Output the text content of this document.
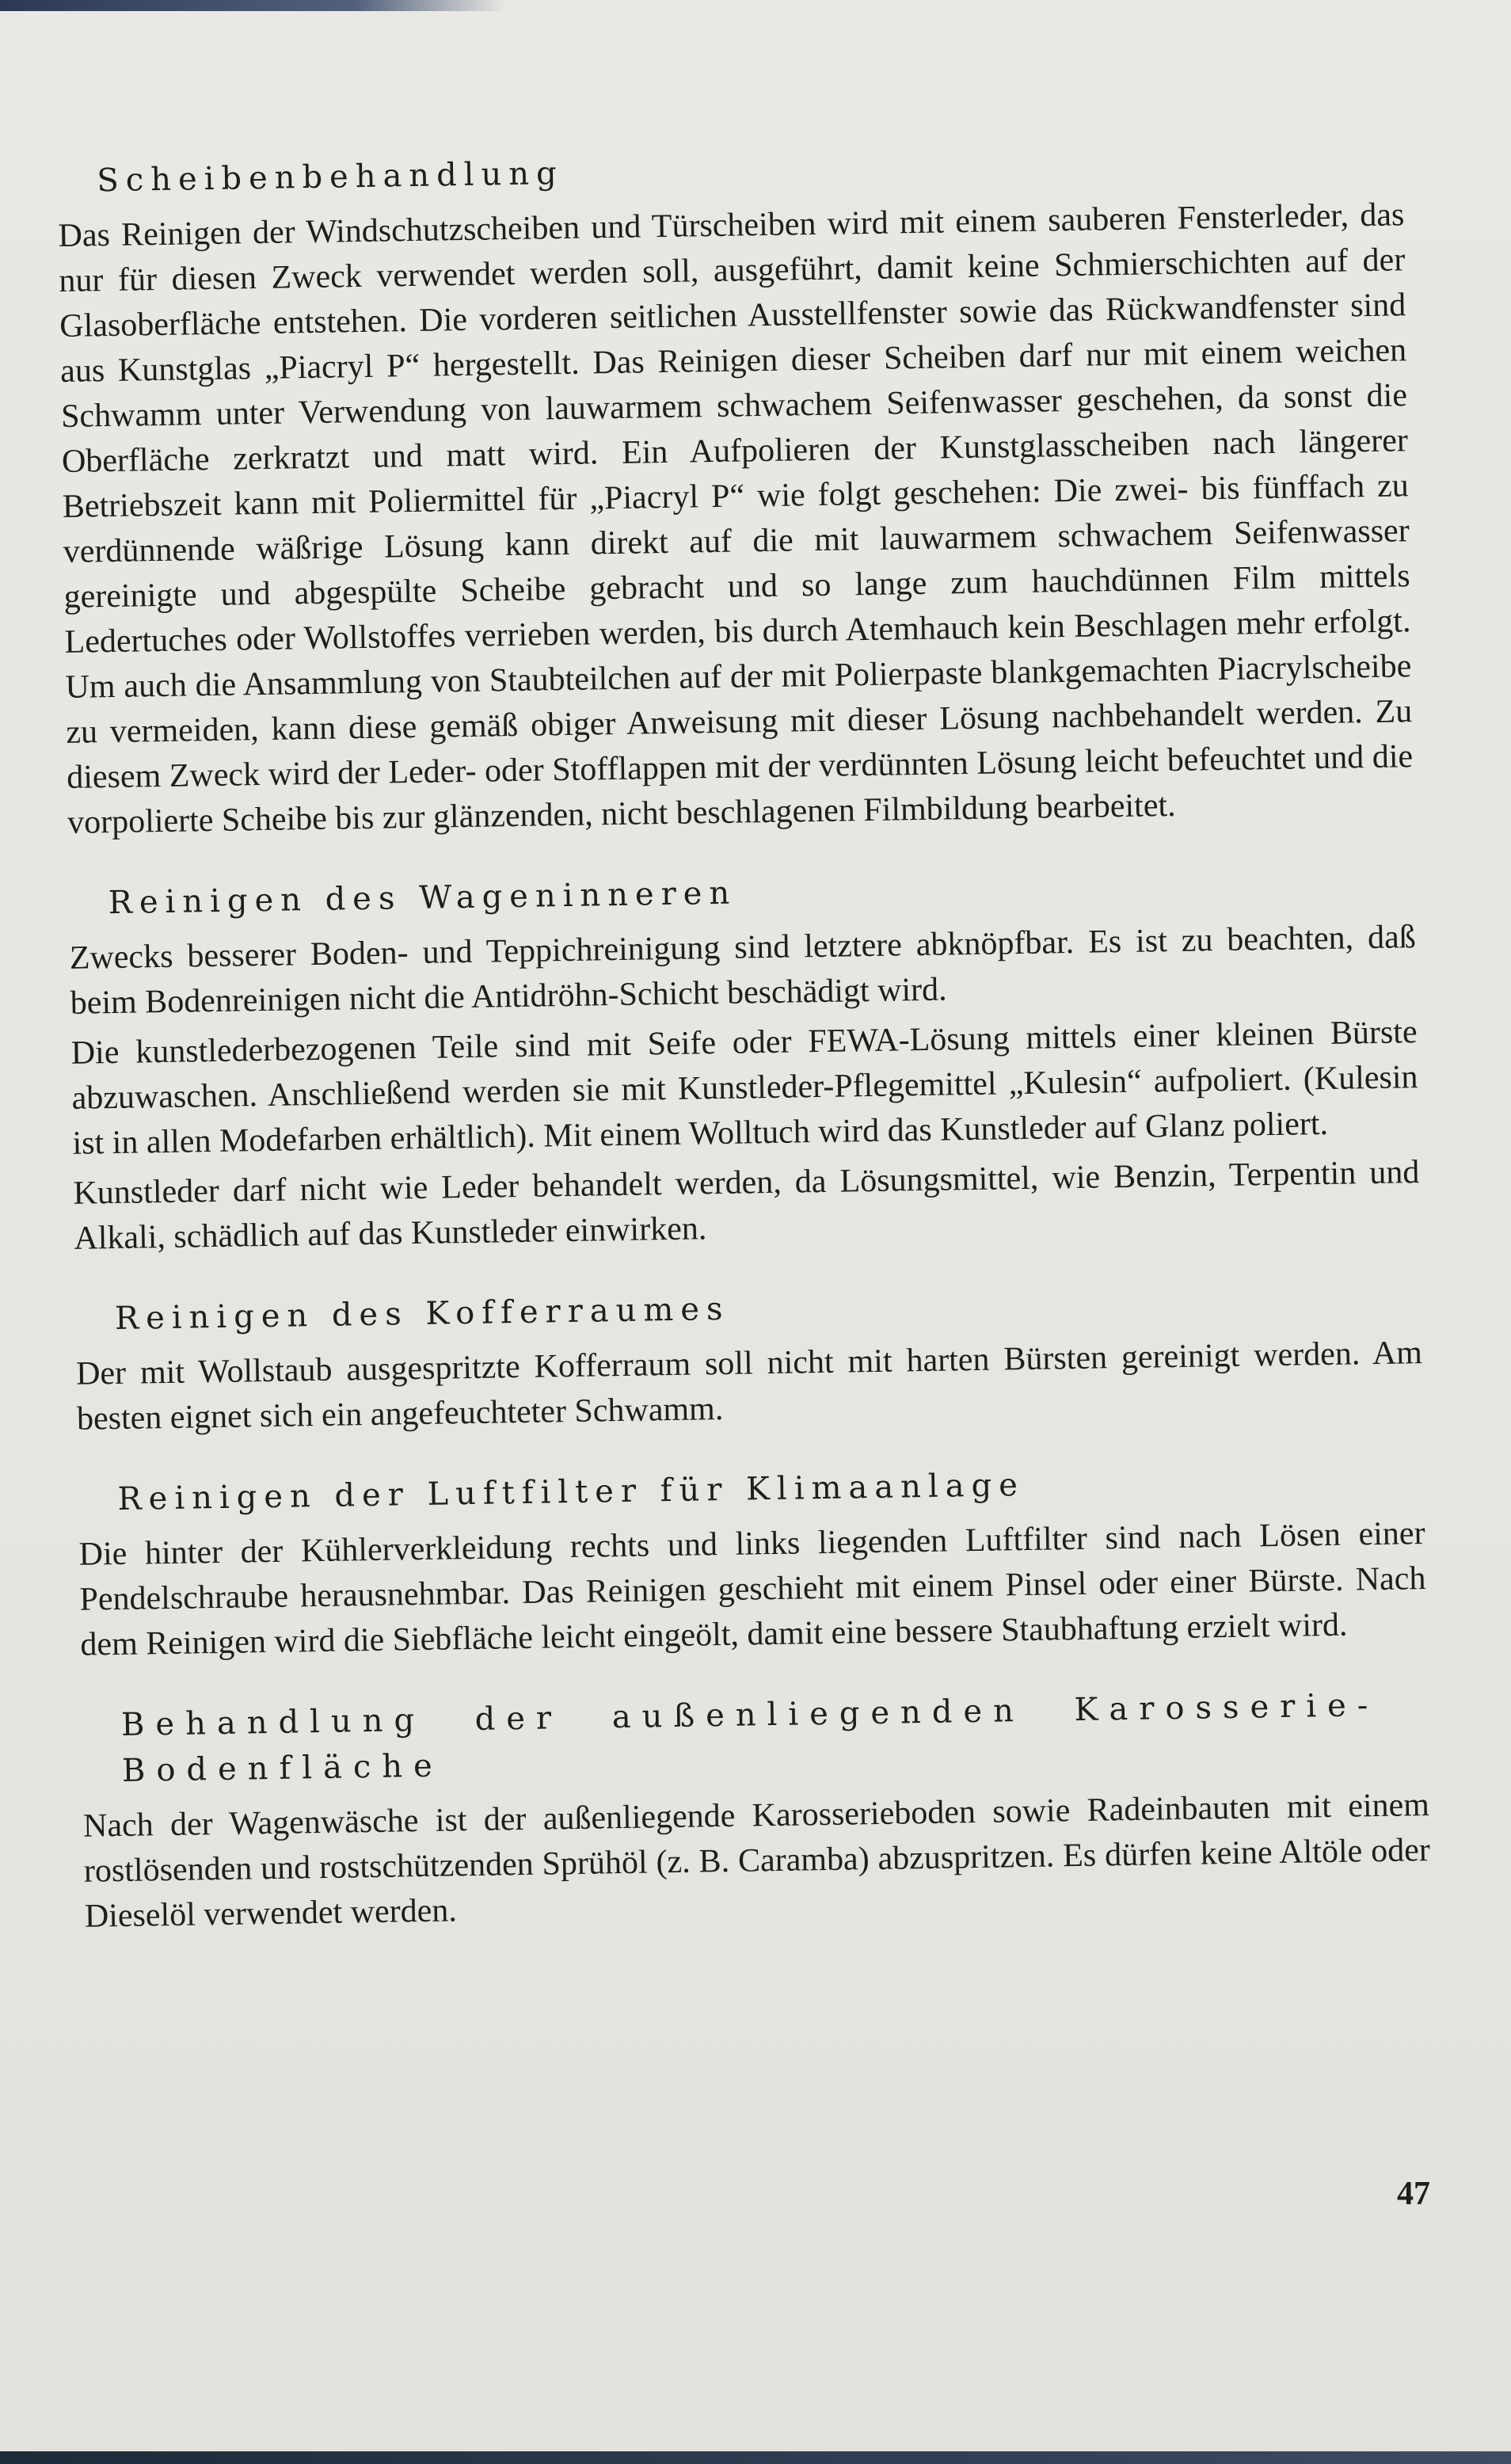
Scheibenbehandlung

Das Reinigen der Windschutzscheiben und Türscheiben wird mit einem sauberen Fensterleder, das nur für diesen Zweck verwendet werden soll, ausgeführt, damit keine Schmierschichten auf der Glasoberfläche entstehen. Die vorderen seitlichen Ausstellfenster sowie das Rückwandfenster sind aus Kunstglas „Piacryl P“ hergestellt. Das Reinigen dieser Scheiben darf nur mit einem weichen Schwamm unter Verwendung von lauwarmem schwachem Seifenwasser geschehen, da sonst die Oberfläche zerkratzt und matt wird. Ein Aufpolieren der Kunstglasscheiben nach längerer Betriebszeit kann mit Poliermittel für „Piacryl P“ wie folgt geschehen: Die zwei- bis fünffach zu verdünnende wäßrige Lösung kann direkt auf die mit lauwarmem schwachem Seifenwasser gereinigte und abgespülte Scheibe gebracht und so lange zum hauchdünnen Film mittels Ledertuches oder Wollstoffes verrieben werden, bis durch Atemhauch kein Beschlagen mehr erfolgt. Um auch die Ansammlung von Staubteilchen auf der mit Polierpaste blankgemachten Piacrylscheibe zu vermeiden, kann diese gemäß obiger Anweisung mit dieser Lösung nachbehandelt werden. Zu diesem Zweck wird der Leder- oder Stofflappen mit der verdünnten Lösung leicht befeuchtet und die vorpolierte Scheibe bis zur glänzenden, nicht beschlagenen Filmbildung bearbeitet.

Reinigen des Wageninneren

Zwecks besserer Boden- und Teppichreinigung sind letztere abknöpfbar. Es ist zu beachten, daß beim Bodenreinigen nicht die Antidröhn-Schicht beschädigt wird.

Die kunstlederbezogenen Teile sind mit Seife oder FEWA-Lösung mittels einer kleinen Bürste abzuwaschen. Anschließend werden sie mit Kunstleder-Pflegemittel „Kulesin“ aufpoliert. (Kulesin ist in allen Modefarben erhältlich). Mit einem Wolltuch wird das Kunstleder auf Glanz poliert.

Kunstleder darf nicht wie Leder behandelt werden, da Lösungsmittel, wie Benzin, Terpentin und Alkali, schädlich auf das Kunstleder einwirken.

Reinigen des Kofferraumes

Der mit Wollstaub ausgespritzte Kofferraum soll nicht mit harten Bürsten gereinigt werden. Am besten eignet sich ein angefeuchteter Schwamm.

Reinigen der Luftfilter für Klimaanlage

Die hinter der Kühlerverkleidung rechts und links liegenden Luftfilter sind nach Lösen einer Pendelschraube herausnehmbar. Das Reinigen geschieht mit einem Pinsel oder einer Bürste. Nach dem Reinigen wird die Siebfläche leicht eingeölt, damit eine bessere Staubhaftung erzielt wird.

Behandlung der außenliegenden Karosserie-Bodenfläche

Nach der Wagenwäsche ist der außenliegende Karosserieboden sowie Radeinbauten mit einem rostlösenden und rostschützenden Sprühöl (z. B. Caramba) abzuspritzen. Es dürfen keine Altöle oder Dieselöl verwendet werden.

47
